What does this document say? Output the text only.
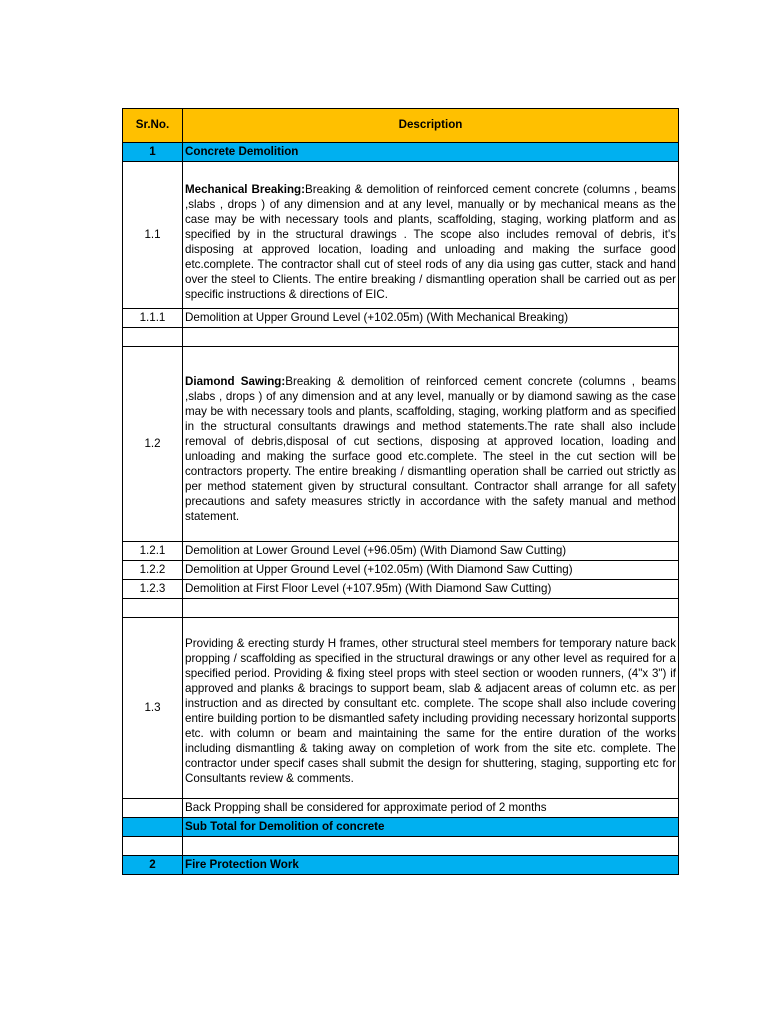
Sr.No.	Description
1	Concrete Demolition
1.1	Mechanical Breaking:Breaking & demolition of reinforced cement concrete (columns , beams ,slabs , drops ) of any dimension and at any level, manually or by mechanical means as the case may be with necessary tools and plants, scaffolding, staging, working platform and as specified by in the structural drawings . The scope also includes removal of debris, it's disposing at approved location, loading and unloading and making the surface good etc.complete. The contractor shall cut of steel rods of any dia using gas cutter, stack and hand over the steel to Clients. The entire breaking / dismantling operation shall be carried out as per specific instructions & directions of EIC.

1.1.1	Demolition at Upper Ground Level (+102.05m) (With Mechanical Breaking)

1.2	Diamond Sawing:Breaking & demolition of reinforced cement concrete (columns , beams ,slabs , drops ) of any dimension and at any level, manually or by diamond sawing as the case may be with necessary tools and plants, scaffolding, staging, working platform and as specified in the structural consultants drawings and method statements.The rate shall also include removal of debris,disposal of cut sections, disposing at approved location, loading and unloading and making the surface good etc.complete. The steel in the cut section will be contractors property. The entire breaking / dismantling operation shall be carried out strictly as per method statement given by structural consultant. Contractor shall arrange for all safety precautions and safety measures strictly in accordance with the safety manual and method statement.

1.2.1	Demolition at Lower Ground Level (+96.05m) (With Diamond Saw Cutting)
1.2.2	Demolition at Upper Ground Level (+102.05m) (With Diamond Saw Cutting)
1.2.3	Demolition at First Floor Level (+107.95m) (With Diamond Saw Cutting)

1.3	Providing & erecting sturdy H frames, other structural steel members for temporary nature back propping / scaffolding as specified in the structural drawings or any other level as required for a specified period. Providing & fixing steel props with steel section or wooden runners, (4"x 3") if approved and planks & bracings to support beam, slab & adjacent areas of column etc. as per instruction and as directed by consultant etc. complete. The scope shall also include covering entire building portion to be dismantled safety including providing necessary horizontal supports etc. with column or beam and maintaining the same for the entire duration of the works including dismantling & taking away on completion of work from the site etc. complete. The contractor under specif cases shall submit the design for shuttering, staging, supporting etc for Consultants review & comments.

	Back Propping shall be considered for approximate period of 2 months
	Sub Total for Demolition of concrete

2	Fire Protection Work
